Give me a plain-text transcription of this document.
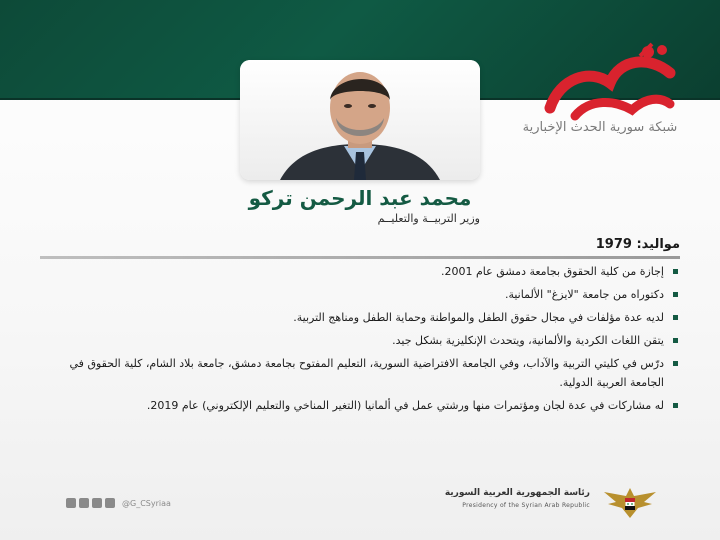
شبكة سورية الحدث الإخبارية
محمد عبد الرحمن تركو
وزير التربيــة والتعليــم
مواليد: 1979
إجازة من كلية الحقوق بجامعة دمشق عام 2001.
دكتوراه من جامعة "لايزغ" الألمانية.
لديه عدة مؤلفات في مجال حقوق الطفل والمواطنة وحماية الطفل ومناهج التربية.
يتقن اللغات الكردية والألمانية، ويتحدث الإنكليزية بشكل جيد.
درّس في كليتي التربية والآداب، وفي الجامعة الافتراضية السورية، التعليم المفتوح بجامعة دمشق، جامعة بلاد الشام، كلية الحقوق في الجامعة العربية الدولية.
له مشاركات في عدة لجان ومؤتمرات منها ورشتي عمل في ألمانيا (التغير المناخي والتعليم الإلكتروني) عام 2019.
رئاسة الجمهورية العربية السورية
Presidency of the Syrian Arab Republic
@G_CSyriaa
